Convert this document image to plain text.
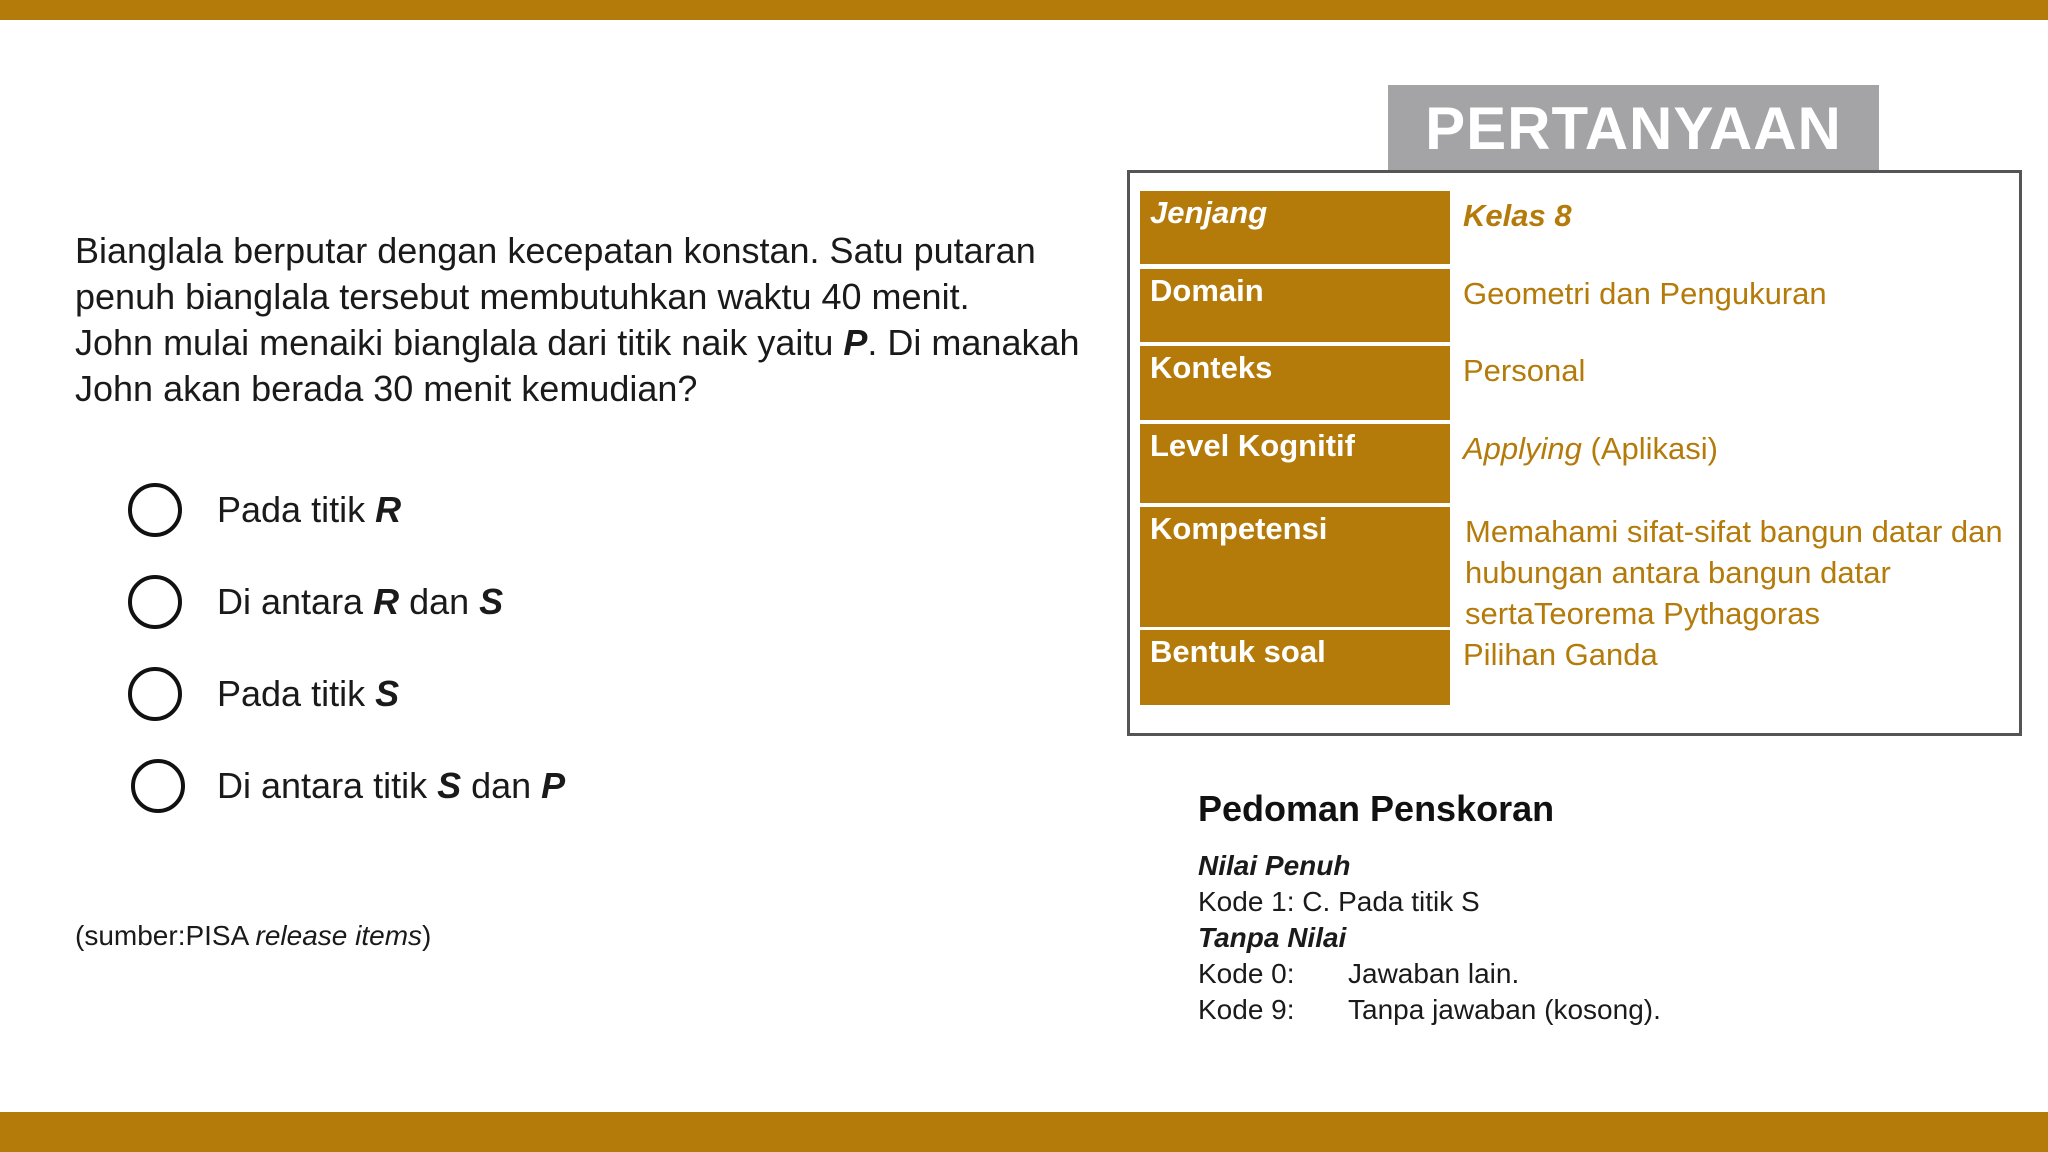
Bianglala berputar dengan kecepatan konstan. Satu putaran penuh bianglala tersebut membutuhkan waktu 40 menit.

John mulai menaiki bianglala dari titik naik yaitu P. Di manakah John akan berada 30 menit kemudian?

Pada titik R
Di antara R dan S
Pada titik S
Di antara titik S dan P
(sumber:PISA release items)
PERTANYAAN
Jenjang	Kelas 8
Domain	Geometri dan Pengukuran
Konteks	Personal
Level Kognitif	Applying (Aplikasi)
Kompetensi	Memahami sifat-sifat bangun datar dan hubungan antara bangun datar sertaTeorema Pythagoras
Bentuk soal	Pilihan Ganda
Pedoman Penskoran
Nilai Penuh
Kode 1: C. Pada titik S
Tanpa Nilai
Kode 0: Jawaban lain.
Kode 9: Tanpa jawaban (kosong).
